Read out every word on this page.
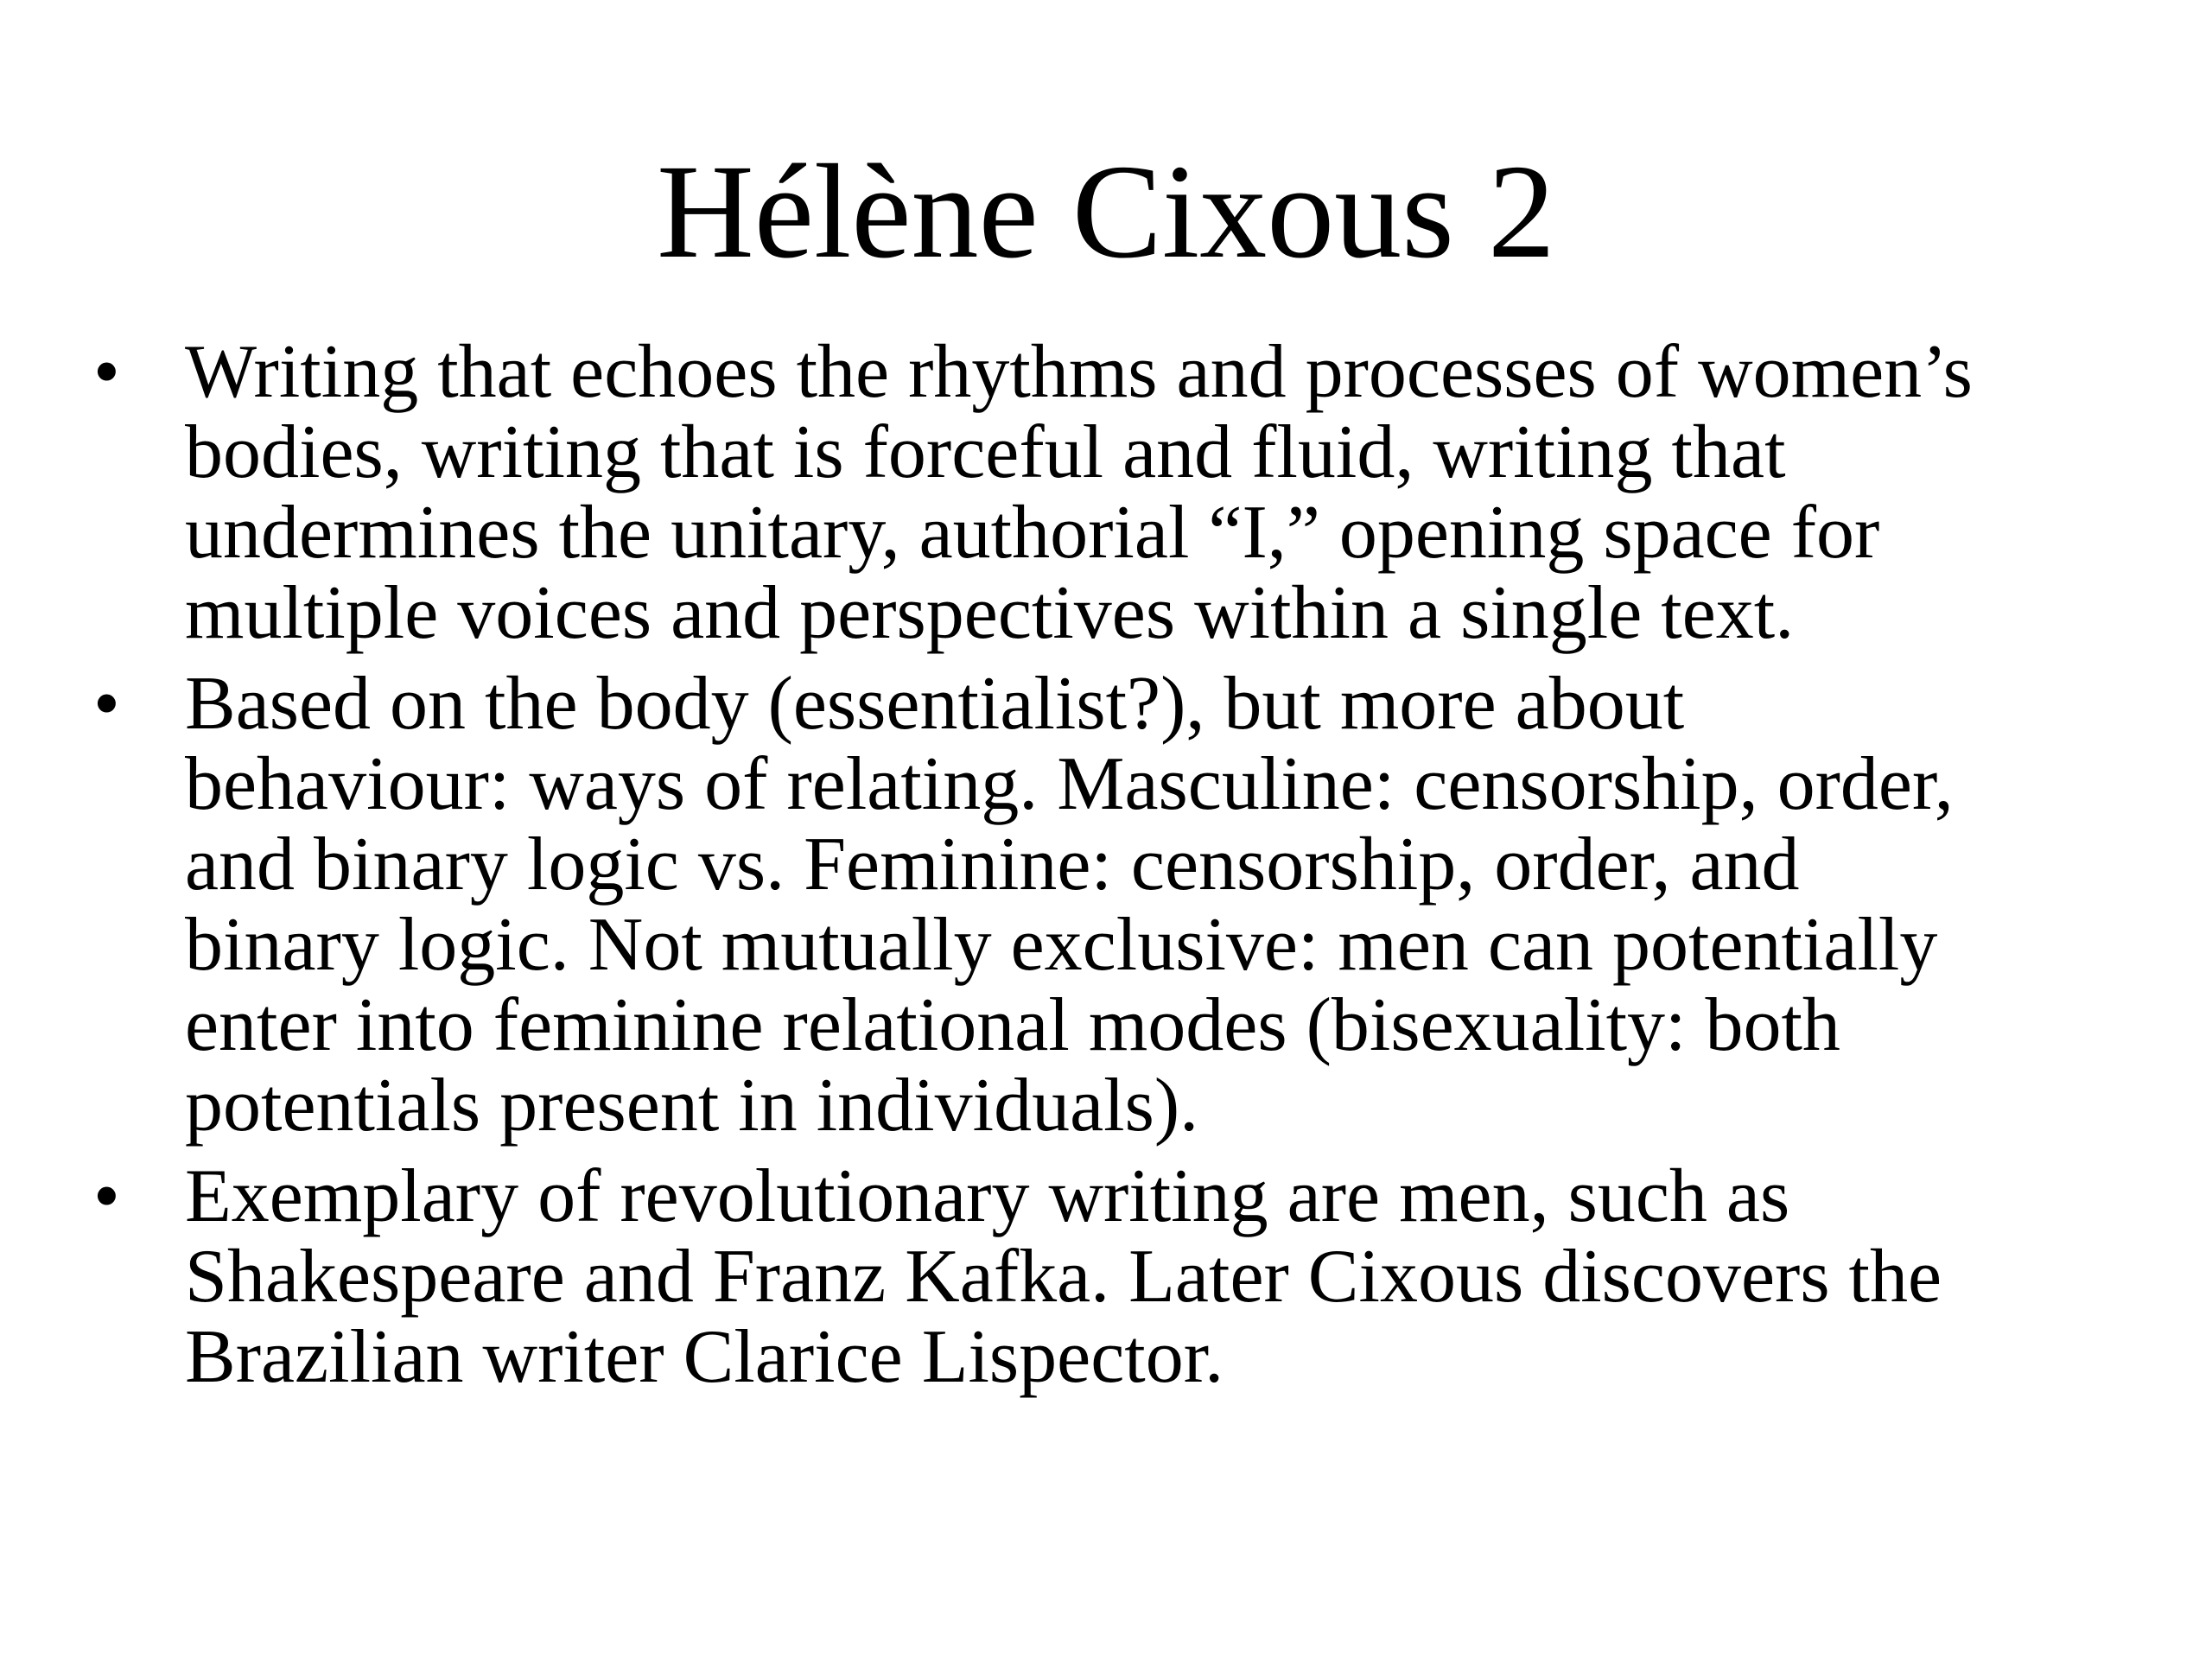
Hélène Cixous 2
• Writing that echoes the rhythms and processes of women’s
bodies, writing that is forceful and fluid, writing that
undermines the unitary, authorial “I,” opening space for
multiple voices and perspectives within a single text.
• Based on the body (essentialist?), but more about
behaviour: ways of relating. Masculine: censorship, order,
and binary logic vs. Feminine: censorship, order, and
binary logic. Not mutually exclusive: men can potentially
enter into feminine relational modes (bisexuality: both
potentials present in individuals).
• Exemplary of revolutionary writing are men, such as
Shakespeare and Franz Kafka. Later Cixous discovers the
Brazilian writer Clarice Lispector.
